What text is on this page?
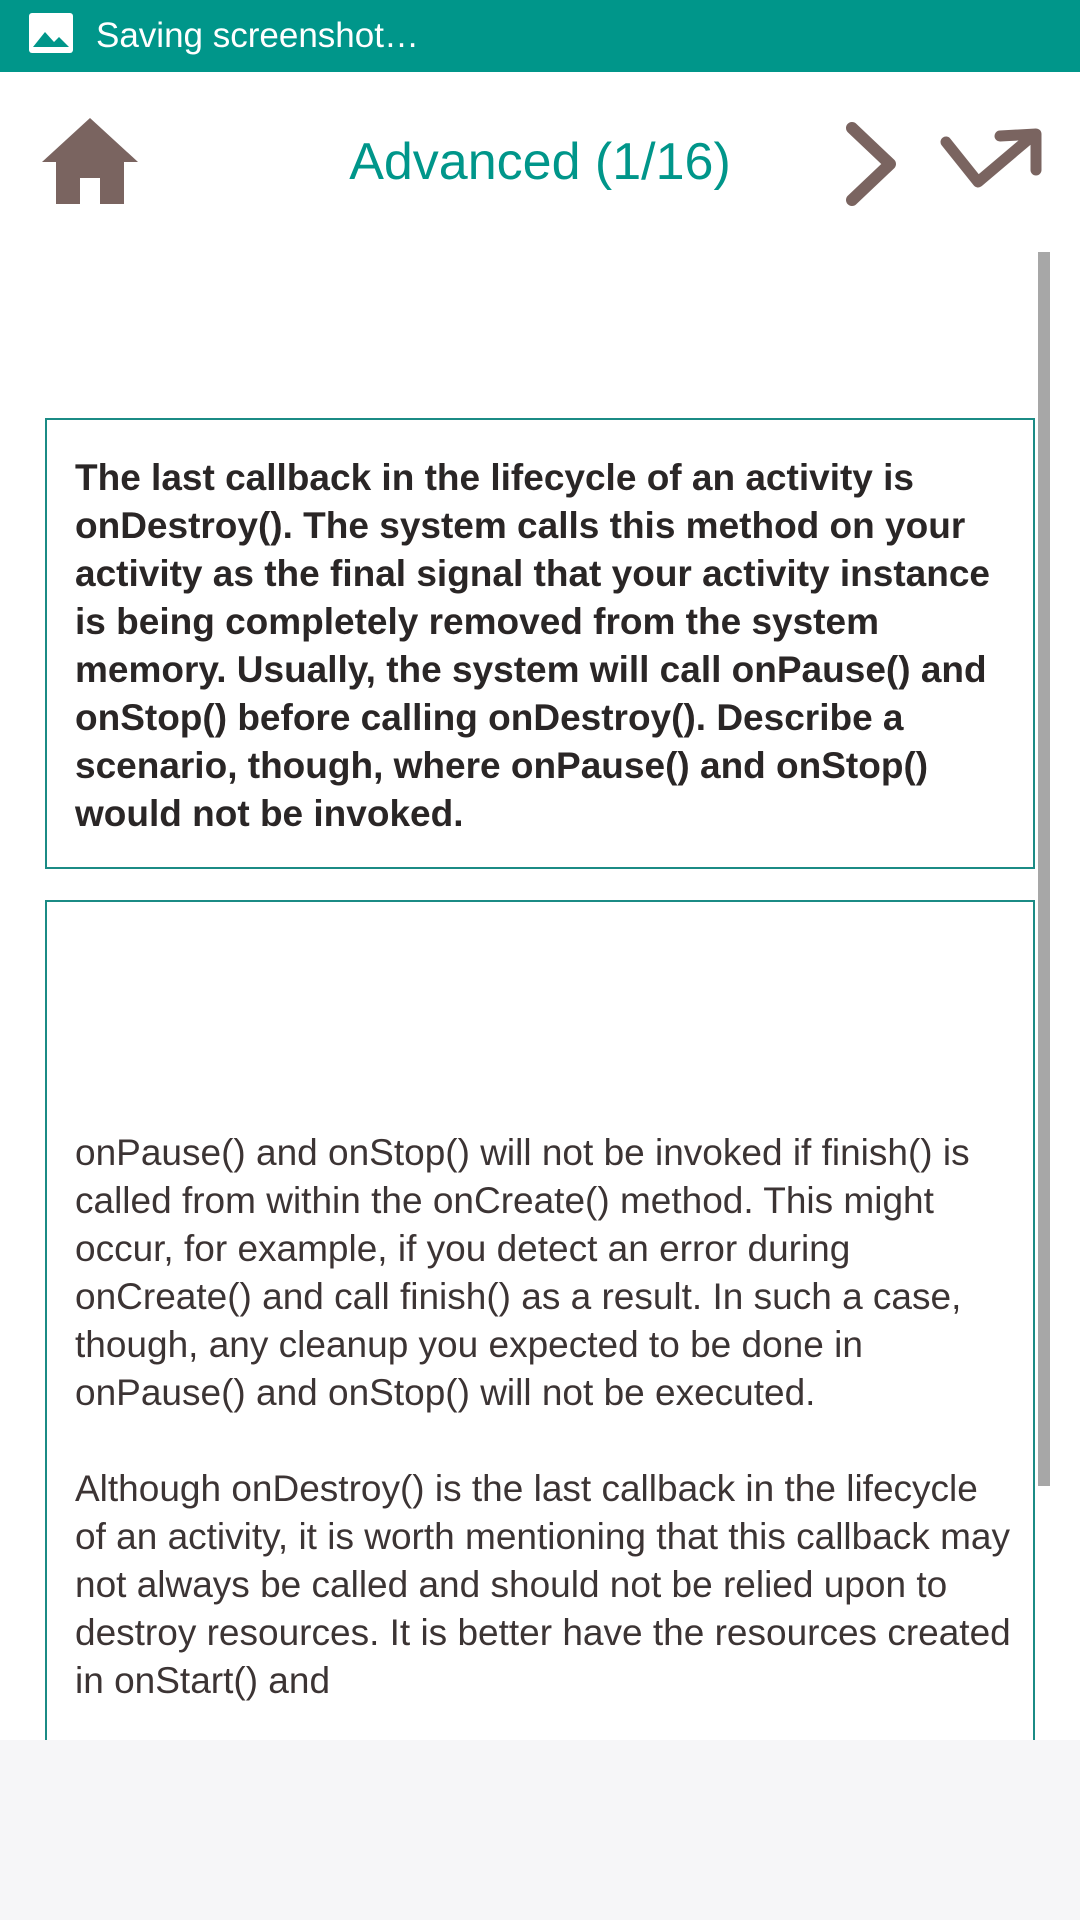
Saving screenshot…
Advanced (1/16)

The last callback in the lifecycle of an activity is onDestroy(). The system calls this method on your activity as the final signal that your activity instance is being completely removed from the system memory. Usually, the system will call onPause() and onStop() before calling onDestroy(). Describe a scenario, though, where onPause() and onStop() would not be invoked.

onPause() and onStop() will not be invoked if finish() is called from within the onCreate() method. This might occur, for example, if you detect an error during onCreate() and call finish() as a result. In such a case, though, any cleanup you expected to be done in onPause() and onStop() will not be executed.

Although onDestroy() is the last callback in the lifecycle of an activity, it is worth mentioning that this callback may not always be called and should not be relied upon to destroy resources. It is better have the resources created in onStart() and
